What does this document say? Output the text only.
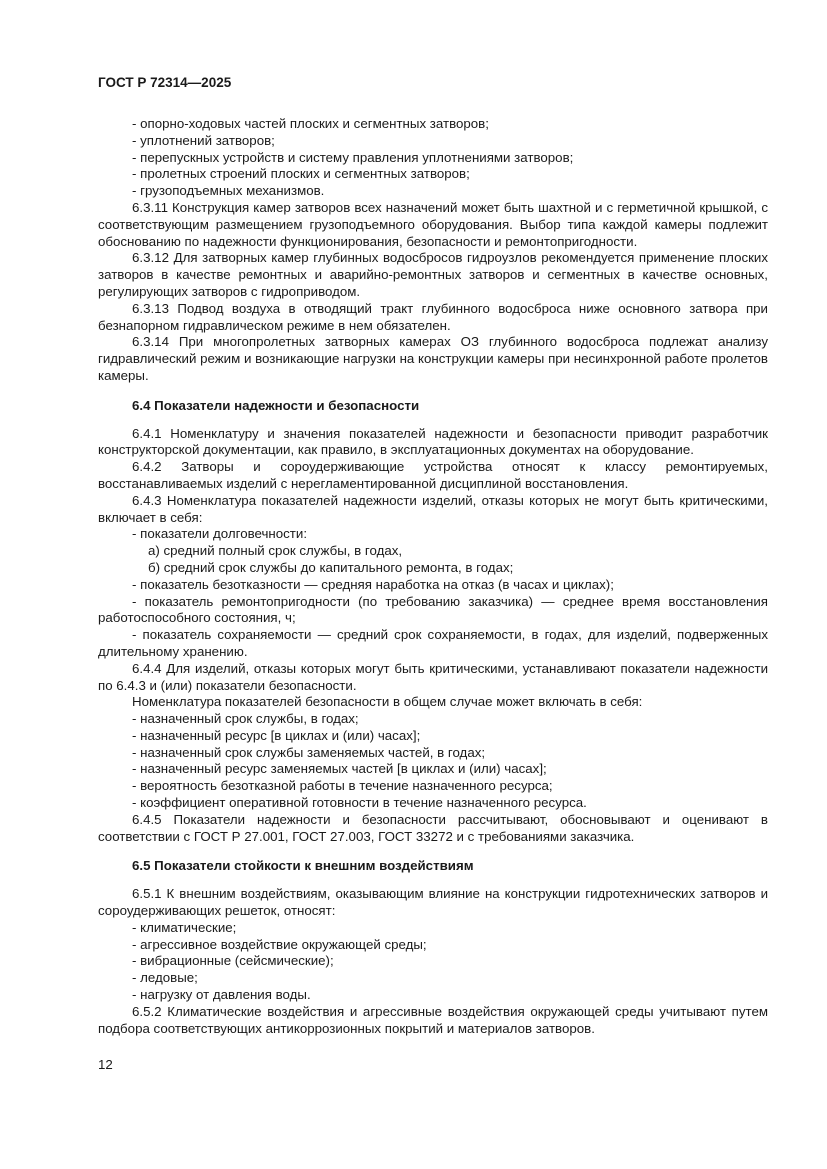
ГОСТ Р 72314—2025

- опорно-ходовых частей плоских и сегментных затворов;

- уплотнений затворов;

- перепускных устройств и систему правления уплотнениями затворов;

- пролетных строений плоских и сегментных затворов;

- грузоподъемных механизмов.

6.3.11 Конструкция камер затворов всех назначений может быть шахтной и с герметичной крышкой, с соответствующим размещением грузоподъемного оборудования. Выбор типа каждой камеры подлежит обоснованию по надежности функционирования, безопасности и ремонтопригодности.

6.3.12 Для затворных камер глубинных водосбросов гидроузлов рекомендуется применение плоских затворов в качестве ремонтных и аварийно-ремонтных затворов и сегментных в качестве основных, регулирующих затворов с гидроприводом.

6.3.13 Подвод воздуха в отводящий тракт глубинного водосброса ниже основного затвора при безнапорном гидравлическом режиме в нем обязателен.

6.3.14 При многопролетных затворных камерах ОЗ глубинного водосброса подлежат анализу гидравлический режим и возникающие нагрузки на конструкции камеры при несинхронной работе пролетов камеры.

6.4 Показатели надежности и безопасности

6.4.1 Номенклатуру и значения показателей надежности и безопасности приводит разработчик конструкторской документации, как правило, в эксплуатационных документах на оборудование.

6.4.2 Затворы и сороудерживающие устройства относят к классу ремонтируемых, восстанавливаемых изделий с нерегламентированной дисциплиной восстановления.

6.4.3 Номенклатура показателей надежности изделий, отказы которых не могут быть критическими, включает в себя:

- показатели долговечности:

а) средний полный срок службы, в годах,

б) средний срок службы до капитального ремонта, в годах;

- показатель безотказности — средняя наработка на отказ (в часах и циклах);

- показатель ремонтопригодности (по требованию заказчика) — среднее время восстановления работоспособного состояния, ч;

- показатель сохраняемости — средний срок сохраняемости, в годах, для изделий, подверженных длительному хранению.

6.4.4 Для изделий, отказы которых могут быть критическими, устанавливают показатели надежности по 6.4.3 и (или) показатели безопасности.

Номенклатура показателей безопасности в общем случае может включать в себя:

- назначенный срок службы, в годах;

- назначенный ресурс [в циклах и (или) часах];

- назначенный срок службы заменяемых частей, в годах;

- назначенный ресурс заменяемых частей [в циклах и (или) часах];

- вероятность безотказной работы в течение назначенного ресурса;

- коэффициент оперативной готовности в течение назначенного ресурса.

6.4.5 Показатели надежности и безопасности рассчитывают, обосновывают и оценивают в соответствии с ГОСТ Р 27.001, ГОСТ 27.003, ГОСТ 33272 и с требованиями заказчика.

6.5 Показатели стойкости к внешним воздействиям

6.5.1 К внешним воздействиям, оказывающим влияние на конструкции гидротехнических затворов и сороудерживающих решеток, относят:

- климатические;

- агрессивное воздействие окружающей среды;

- вибрационные (сейсмические);

- ледовые;

- нагрузку от давления воды.

6.5.2 Климатические воздействия и агрессивные воздействия окружающей среды учитывают путем подбора соответствующих антикоррозионных покрытий и материалов затворов.

12
